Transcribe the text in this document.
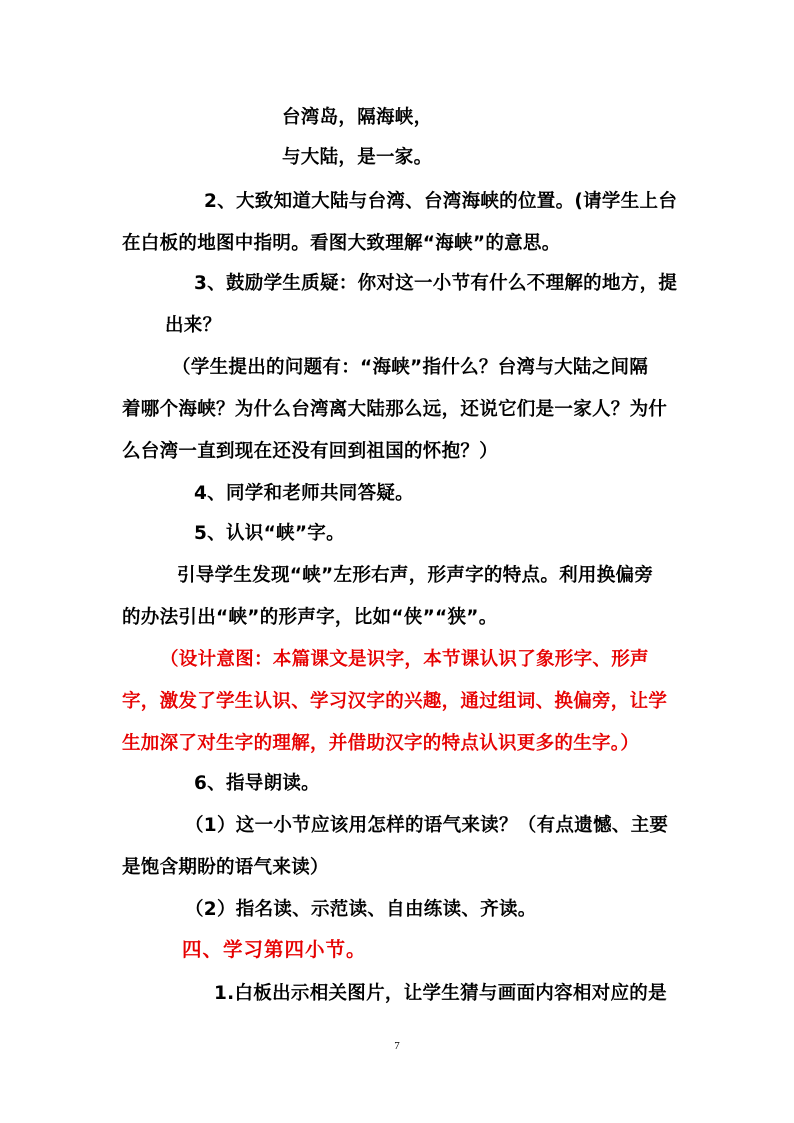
台湾岛，隔海峡，
与大陆，是一家。
2、大致知道大陆与台湾、台湾海峡的位置。(请学生上台
在白板的地图中指明。看图大致理解“海峡”的意思。
3、鼓励学生质疑：你对这一小节有什么不理解的地方，提
出来？
（学生提出的问题有：“海峡”指什么？台湾与大陆之间隔
着哪个海峡？为什么台湾离大陆那么远，还说它们是一家人？为什
么台湾一直到现在还没有回到祖国的怀抱？）
4、同学和老师共同答疑。
5、认识“峡”字。
引导学生发现“峡”左形右声，形声字的特点。利用换偏旁
的办法引出“峡”的形声字，比如“侠”“狭”。
（设计意图：本篇课文是识字，本节课认识了象形字、形声
字，激发了学生认识、学习汉字的兴趣，通过组词、换偏旁，让学
生加深了对生字的理解，并借助汉字的特点认识更多的生字。）
6、指导朗读。
（1）这一小节应该用怎样的语气来读？（有点遗憾、主要
是饱含期盼的语气来读）
（2）指名读、示范读、自由练读、齐读。
四、学习第四小节。
1.白板出示相关图片，让学生猜与画面内容相对应的是
7
